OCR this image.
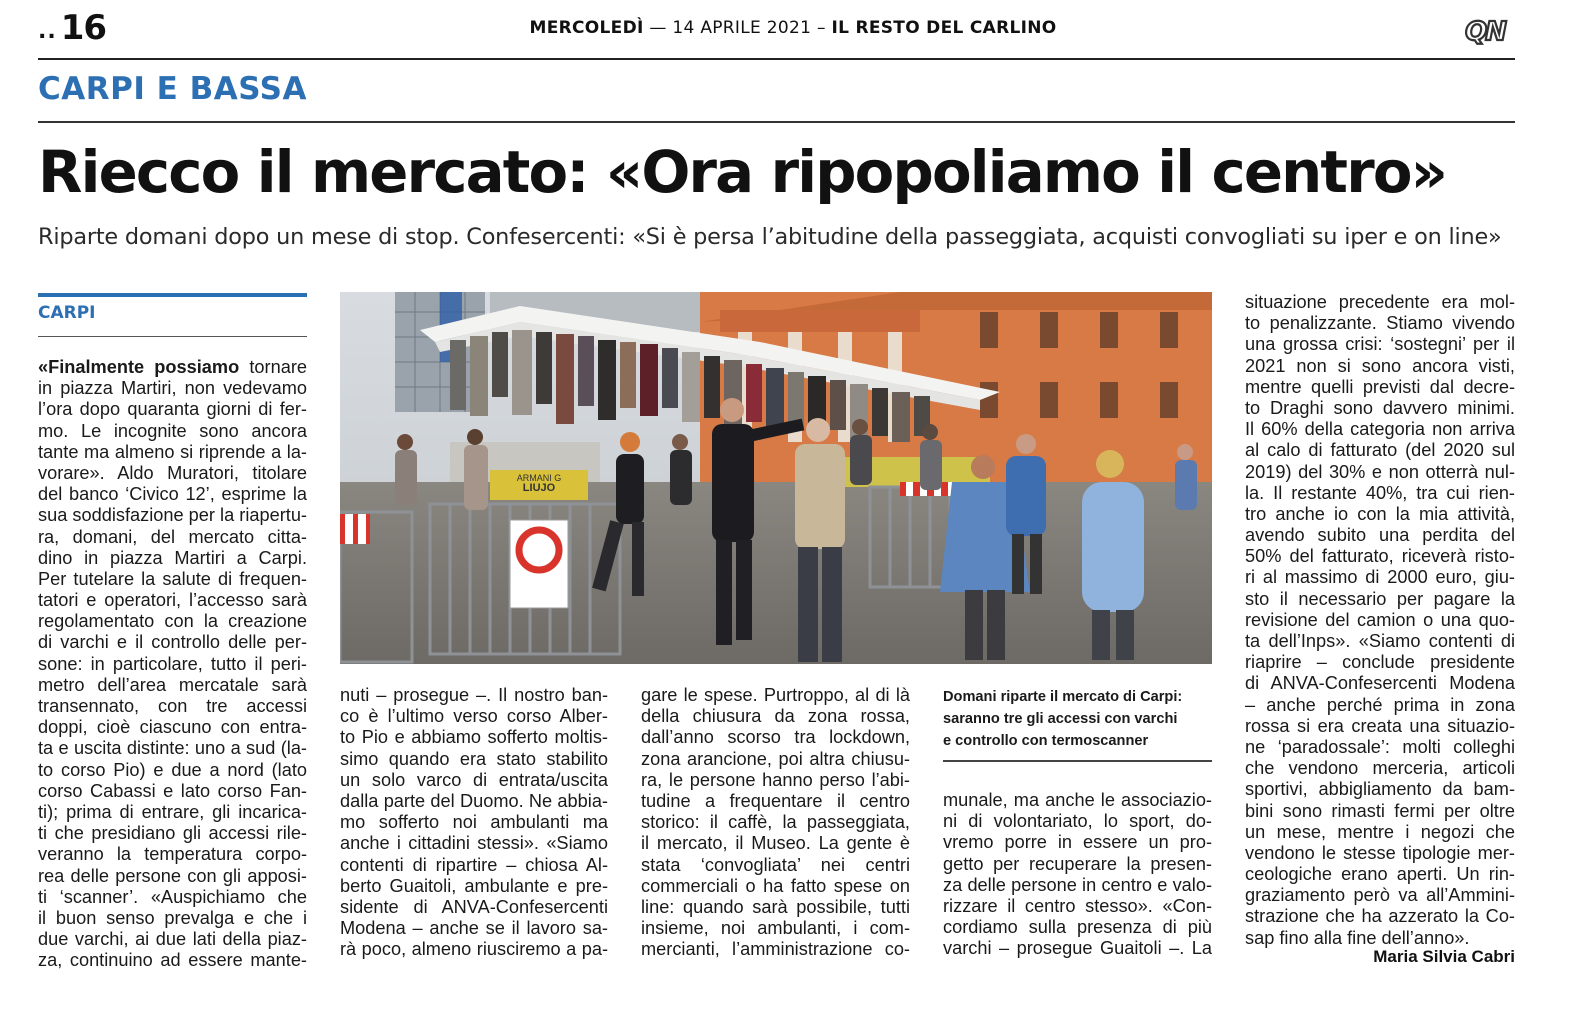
.. 16	MERCOLEDÌ — 14 APRILE 2021 – IL RESTO DEL CARLINO	QN
CARPI E BASSA
Riecco il mercato: «Ora ripopoliamo il centro»
Riparte domani dopo un mese di stop. Confesercenti: «Si è persa l’abitudine della passeggiata, acquisti convogliati su iper e on line»
CARPI
«Finalmente possiamo tornare
in piazza Martiri, non vedevamo
l’ora dopo quaranta giorni di fer-
mo. Le incognite sono ancora
tante ma almeno si riprende a la-
vorare». Aldo Muratori, titolare
del banco ‘Civico 12’, esprime la
sua soddisfazione per la riapertu-
ra, domani, del mercato citta-
dino in piazza Martiri a Carpi.
Per tutelare la salute di frequen-
tatori e operatori, l’accesso sarà
regolamentato con la creazione
di varchi e il controllo delle per-
sone: in particolare, tutto il peri-
metro dell’area mercatale sarà
transennato, con tre accessi
doppi, cioè ciascuno con entra-
ta e uscita distinte: uno a sud (la-
to corso Pio) e due a nord (lato
corso Cabassi e lato corso Fan-
ti); prima di entrare, gli incarica-
ti che presidiano gli accessi rile-
veranno la temperatura corpo-
rea delle persone con gli apposi-
ti ‘scanner’. «Auspichiamo che
il buon senso prevalga e che i
due varchi, ai due lati della piaz-
za, continuino ad essere mante-
nuti – prosegue –. Il nostro ban-
co è l’ultimo verso corso Alber-
to Pio e abbiamo sofferto moltis-
simo quando era stato stabilito
un solo varco di entrata/uscita
dalla parte del Duomo. Ne abbia-
mo sofferto noi ambulanti ma
anche i cittadini stessi». «Siamo
contenti di ripartire – chiosa Al-
berto Guaitoli, ambulante e pre-
sidente di ANVA-Confesercenti
Modena – anche se il lavoro sa-
rà poco, almeno riusciremo a pa-
gare le spese. Purtroppo, al di là
della chiusura da zona rossa,
dall’anno scorso tra lockdown,
zona arancione, poi altra chiusu-
ra, le persone hanno perso l’abi-
tudine a frequentare il centro
storico: il caffè, la passeggiata,
il mercato, il Museo. La gente è
stata ‘convogliata’ nei centri
commerciali o ha fatto spese on
line: quando sarà possibile, tutti
insieme, noi ambulanti, i com-
mercianti, l’amministrazione co-
munale, ma anche le associazio-
ni di volontariato, lo sport, do-
vremo porre in essere un pro-
getto per recuperare la presen-
za delle persone in centro e valo-
rizzare il centro stesso». «Con-
cordiamo sulla presenza di più
varchi – prosegue Guaitoli –. La
situazione precedente era mol-
to penalizzante. Stiamo vivendo
una grossa crisi: ‘sostegni’ per il
2021 non si sono ancora visti,
mentre quelli previsti dal decre-
to Draghi sono davvero minimi.
Il 60% della categoria non arriva
al calo di fatturato (del 2020 sul
2019) del 30% e non otterrà nul-
la. Il restante 40%, tra cui rien-
tro anche io con la mia attività,
avendo subito una perdita del
50% del fatturato, riceverà risto-
ri al massimo di 2000 euro, giu-
sto il necessario per pagare la
revisione del camion o una quo-
ta dell’Inps». «Siamo contenti di
riaprire – conclude presidente
di ANVA-Confesercenti Modena
– anche perché prima in zona
rossa si era creata una situazio-
ne ‘paradossale’: molti colleghi
che vendono merceria, articoli
sportivi, abbigliamento da bam-
bini sono rimasti fermi per oltre
un mese, mentre i negozi che
vendono le stesse tipologie mer-
ceologiche erano aperti. Un rin-
graziamento però va all’Ammini-
strazione che ha azzerato la Co-
sap fino alla fine dell’anno».
Maria Silvia Cabri
LIUJO
ARMANI G
Domani riparte il mercato di Carpi:
saranno tre gli accessi con varchi
e controllo con termoscanner
